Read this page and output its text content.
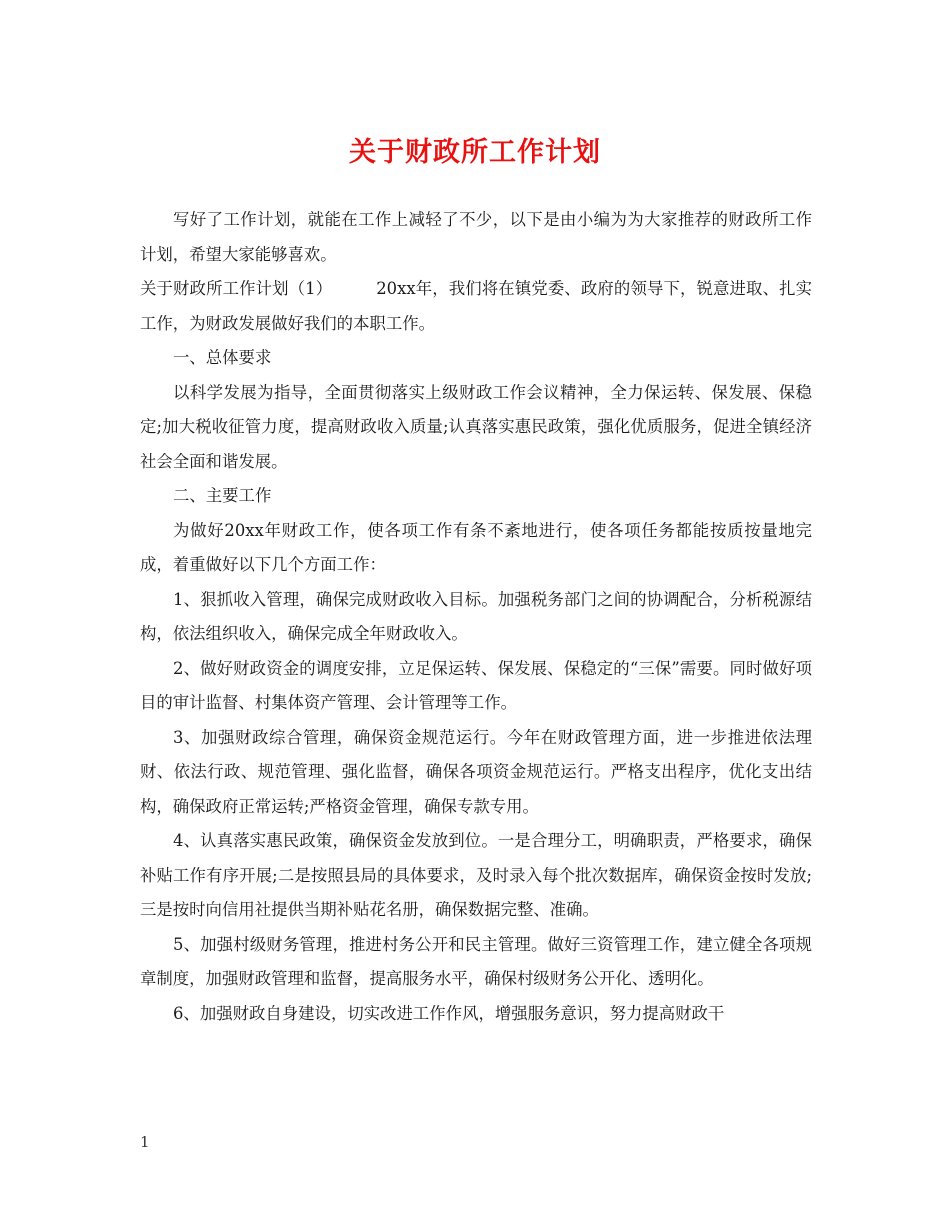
关于财政所工作计划

写好了工作计划，就能在工作上减轻了不少，以下是由小编为为大家推荐的财政所工作计划，希望大家能够喜欢。

关于财政所工作计划（1）	20xx年，我们将在镇党委、政府的领导下，锐意进取、扎实工作，为财政发展做好我们的本职工作。

一、总体要求

以科学发展为指导，全面贯彻落实上级财政工作会议精神，全力保运转、保发展、保稳定;加大税收征管力度，提高财政收入质量;认真落实惠民政策，强化优质服务，促进全镇经济社会全面和谐发展。

二、主要工作

为做好20xx年财政工作，使各项工作有条不紊地进行，使各项任务都能按质按量地完成，着重做好以下几个方面工作：

1、狠抓收入管理，确保完成财政收入目标。加强税务部门之间的协调配合，分析税源结构，依法组织收入，确保完成全年财政收入。

2、做好财政资金的调度安排，立足保运转、保发展、保稳定的“三保”需要。同时做好项目的审计监督、村集体资产管理、会计管理等工作。

3、加强财政综合管理，确保资金规范运行。今年在财政管理方面，进一步推进依法理财、依法行政、规范管理、强化监督，确保各项资金规范运行。严格支出程序，优化支出结构，确保政府正常运转;严格资金管理，确保专款专用。

4、认真落实惠民政策，确保资金发放到位。一是合理分工，明确职责，严格要求，确保补贴工作有序开展;二是按照县局的具体要求，及时录入每个批次数据库，确保资金按时发放;三是按时向信用社提供当期补贴花名册，确保数据完整、准确。

5、加强村级财务管理，推进村务公开和民主管理。做好三资管理工作，建立健全各项规章制度，加强财政管理和监督，提高服务水平，确保村级财务公开化、透明化。

6、加强财政自身建设，切实改进工作作风，增强服务意识，努力提高财政干

1
